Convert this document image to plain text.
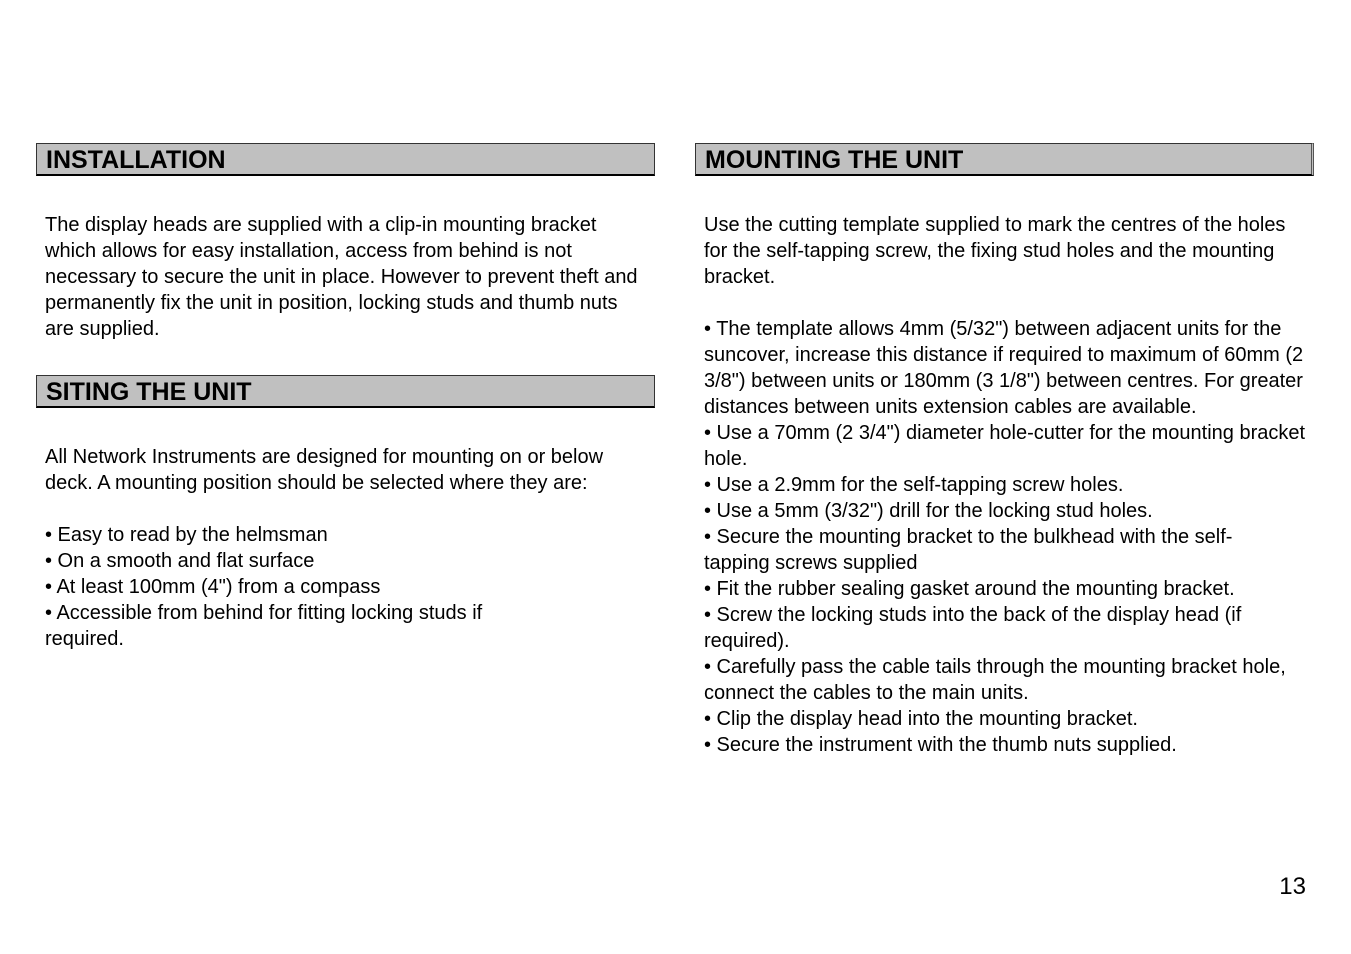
INSTALLATION

The display heads are supplied with a clip-in mounting bracket which allows for easy installation, access from behind is not necessary to secure the unit in place. However to prevent theft and permanently fix the unit in position, locking studs and thumb nuts are supplied.

SITING THE UNIT

All Network Instruments are designed for mounting on or below deck. A mounting position should be selected where they are:

• Easy to read by the helmsman

• On a smooth and flat surface

• At least 100mm (4") from a compass

• Accessible from behind for fitting locking studs if required.

MOUNTING THE UNIT

Use the cutting template supplied to mark the centres of the holes for the self-tapping screw, the fixing stud holes and the mounting bracket.

• The template allows 4mm (5/32") between adjacent units for the suncover, increase this distance if required to maximum of 60mm (2 3/8") between units or 180mm (3 1/8") between centres. For greater distances between units extension cables are available.

• Use a 70mm (2 3/4") diameter hole-cutter for the mounting bracket hole.

• Use a 2.9mm for the self-tapping screw holes.

• Use a 5mm (3/32") drill for the locking stud holes.

• Secure the mounting bracket to the bulkhead with the self-tapping screws supplied

• Fit the rubber sealing gasket around the mounting bracket.

• Screw the locking studs into the back of the display head (if required).

• Carefully pass the cable tails through the mounting bracket hole, connect the cables to the main units.

• Clip the display head into the mounting bracket.

• Secure the instrument with the thumb nuts supplied.

13
